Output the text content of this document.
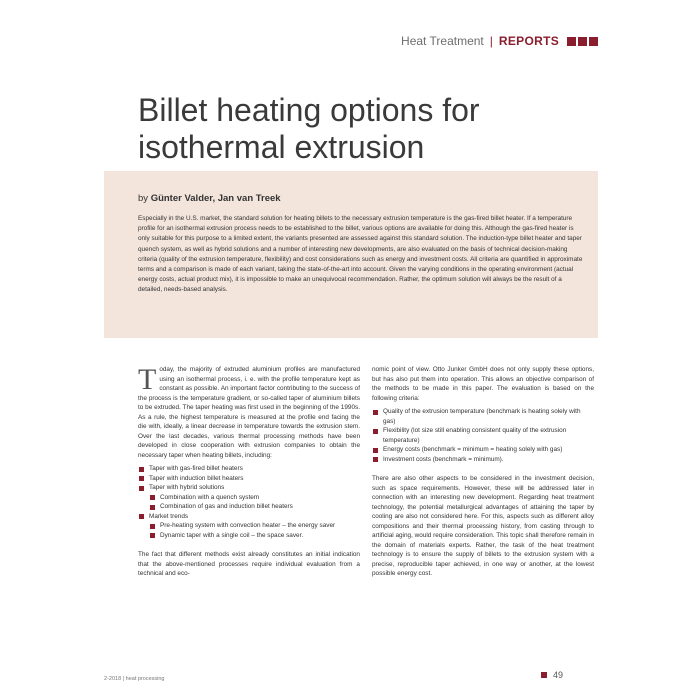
Heat Treatment | REPORTS
Billet heating options for isothermal extrusion

by Günter Valder, Jan van Treek

Especially in the U.S. market, the standard solution for heating billets to the necessary extrusion temperature is the gas-fired billet heater. If a temperature profile for an isothermal extrusion process needs to be established to the billet, various options are available for doing this. Although the gas-fired heater is only suitable for this purpose to a limited extent, the variants presented are assessed against this standard solution. The induction-type billet heater and taper quench system, as well as hybrid solutions and a number of interesting new developments, are also evaluated on the basis of technical decision-making criteria (quality of the extrusion temperature, flexibility) and cost considerations such as energy and investment costs. All criteria are quantified in approximate terms and a comparison is made of each variant, taking the state-of-the-art into account. Given the varying conditions in the operating environment (actual energy costs, actual product mix), it is impossible to make an unequivocal recommendation. Rather, the optimum solution will always be the result of a detailed, needs-based analysis.

Today, the majority of extruded aluminium profiles are manufactured using an isothermal process, i. e. with the profile temperature kept as constant as possible. An important factor contributing to the success of the process is the temperature gradient, or so-called taper of aluminium billets to be extruded. The taper heating was first used in the beginning of the 1990s. As a rule, the highest temperature is measured at the profile end facing the die with, ideally, a linear decrease in temperature towards the extrusion stem. Over the last decades, various thermal processing methods have been developed in close cooperation with extrusion companies to obtain the necessary taper when heating billets, including:

Taper with gas-fired billet heaters
Taper with induction billet heaters
Taper with hybrid solutions
Combination with a quench system
Combination of gas and induction billet heaters
Market trends
Pre-heating system with convection heater – the energy saver
Dynamic taper with a single coil – the space saver.

The fact that different methods exist already constitutes an initial indication that the above-mentioned processes require individual evaluation from a technical and eco-

nomic point of view. Otto Junker GmbH does not only supply these options, but has also put them into operation. This allows an objective comparison of the methods to be made in this paper. The evaluation is based on the following criteria:

Quality of the extrusion temperature (benchmark is heating solely with gas)
Flexibility (lot size still enabling consistent quality of the extrusion temperature)
Energy costs (benchmark = minimum = heating solely with gas)
Investment costs (benchmark = minimum).

There are also other aspects to be considered in the investment decision, such as space requirements. However, these will be addressed later in connection with an interesting new development. Regarding heat treatment technology, the potential metallurgical advantages of attaining the taper by cooling are also not considered here. For this, aspects such as different alloy compositions and their thermal processing history, from casting through to artificial aging, would require consideration. This topic shall therefore remain in the domain of materials experts. Rather, the task of the heat treatment technology is to ensure the supply of billets to the extrusion system with a precise, reproducible taper achieved, in one way or another, at the lowest possible energy cost.

2-2018 | heat processing	49
